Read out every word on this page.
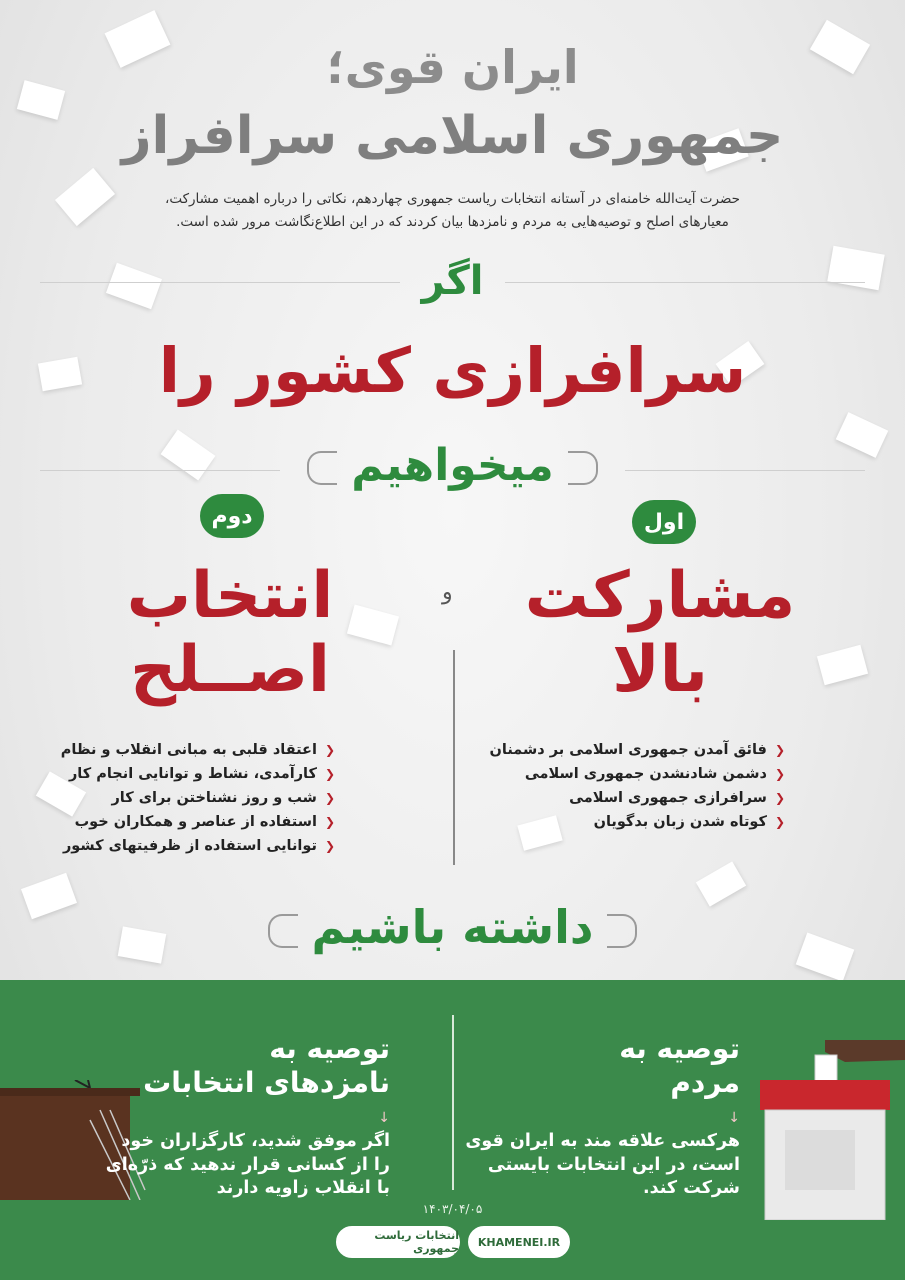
ایران قوی؛
جمهوری اسلامی سرافراز
حضرت آیت‌الله خامنه‌ای در آستانه انتخابات ریاست جمهوری چهاردهم، نکاتی را درباره اهمیت مشارکت،
معیارهای اصلح و توصیه‌هایی به مردم و نامزدها بیان کردند که در این اطلاع‌نگاشت مرور شده است.
اگر
سرافرازی کشور را
میخواهیم
اول
مشارکت
بالا
❮فائق آمدن جمهوری اسلامی بر دشمنان
❮دشمن شادنشدن جمهوری اسلامی
❮سرافرازی جمهوری اسلامی
❮کوتاه شدن زبان بدگویان
و
دوم
انتخاب
اصــلح
❮اعتقاد قلبی به مبانی انقلاب و نظام
❮کارآمدی، نشاط و توانایی انجام کار
❮شب و روز نشناختن برای کار
❮استفاده از عناصر و همکاران خوب
❮توانایی استفاده از ظرفیتهای کشور
داشته باشیم
توصیه به
مردم
↓
هرکسی علاقه مند به ایران قوی
است، در این انتخابات بایستی
شرکت کند.
توصیه به
نامزدهای انتخابات
↓
اگر موفق شدید، کارگزاران خود
را از کسانی قرار ندهید که ذرّه‌ای
با انقلاب زاویه دارند
۱۴۰۳/۰۴/۰۵
KHAMENEI.IR
انتخابات ریاست جمهوری
